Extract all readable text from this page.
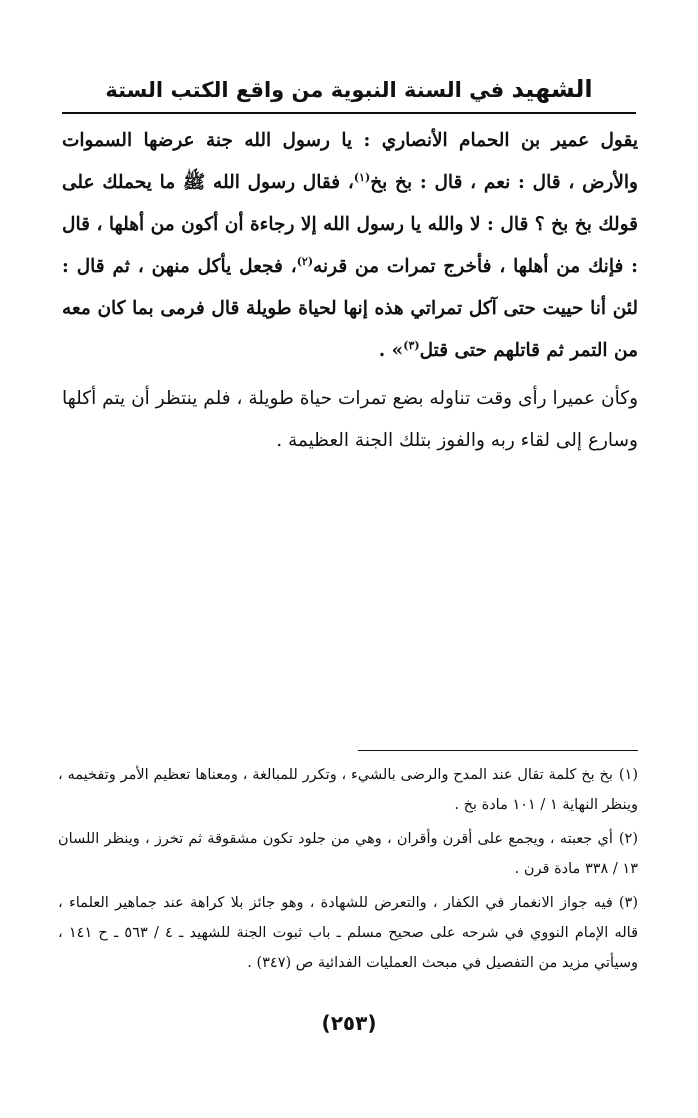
الشهيد في السنة النبوية من واقع الكتب الستة

يقول عمير بن الحمام الأنصاري : يا رسول الله جنة عرضها السموات والأرض ، قال : نعم ، قال : بخ بخ$^{(١)}$، فقال رسول الله ﷺ ما يحملك على قولك بخ بخ ؟ قال : لا والله يا رسول الله إلا رجاءة أن أكون من أهلها ، قال : فإنك من أهلها ، فأخرج تمرات من قرنه$^{(٢)}$، فجعل يأكل منهن ، ثم قال : لئن أنا حييت حتى آكل تمراتي هذه إنها لحياة طويلة قال فرمى بما كان معه من التمر ثم قاتلهم حتى قتل$^{(٣)}$» .

وكأن عميرا رأى وقت تناوله بضع تمرات حياة طويلة ، فلم ينتظر أن يتم أكلها وسارع إلى لقاء ربه والفوز بتلك الجنة العظيمة .

(١)بخ بخ كلمة تقال عند المدح والرضى بالشيء ، وتكرر للمبالغة ، ومعناها تعظيم الأمر وتفخيمه ، وينظر النهاية ١ / ١٠١ مادة بخ .

(٢)أي جعبته ، ويجمع على أقرن وأقران ، وهي من جلود تكون مشقوقة ثم تخرز ، وينظر اللسان ١٣ / ٣٣٨ مادة قرن .

(٣)فيه جواز الانغمار في الكفار ، والتعرض للشهادة ، وهو جائز بلا كراهة عند جماهير العلماء ، قاله الإمام النووي في شرحه على صحيح مسلم ـ باب ثبوت الجنة للشهيد ـ ٤ / ٥٦٣ ـ ح ١٤١ ، وسيأتي مزيد من التفصيل في مبحث العمليات الفدائية ص (٣٤٧) .

(٢٥٣)
